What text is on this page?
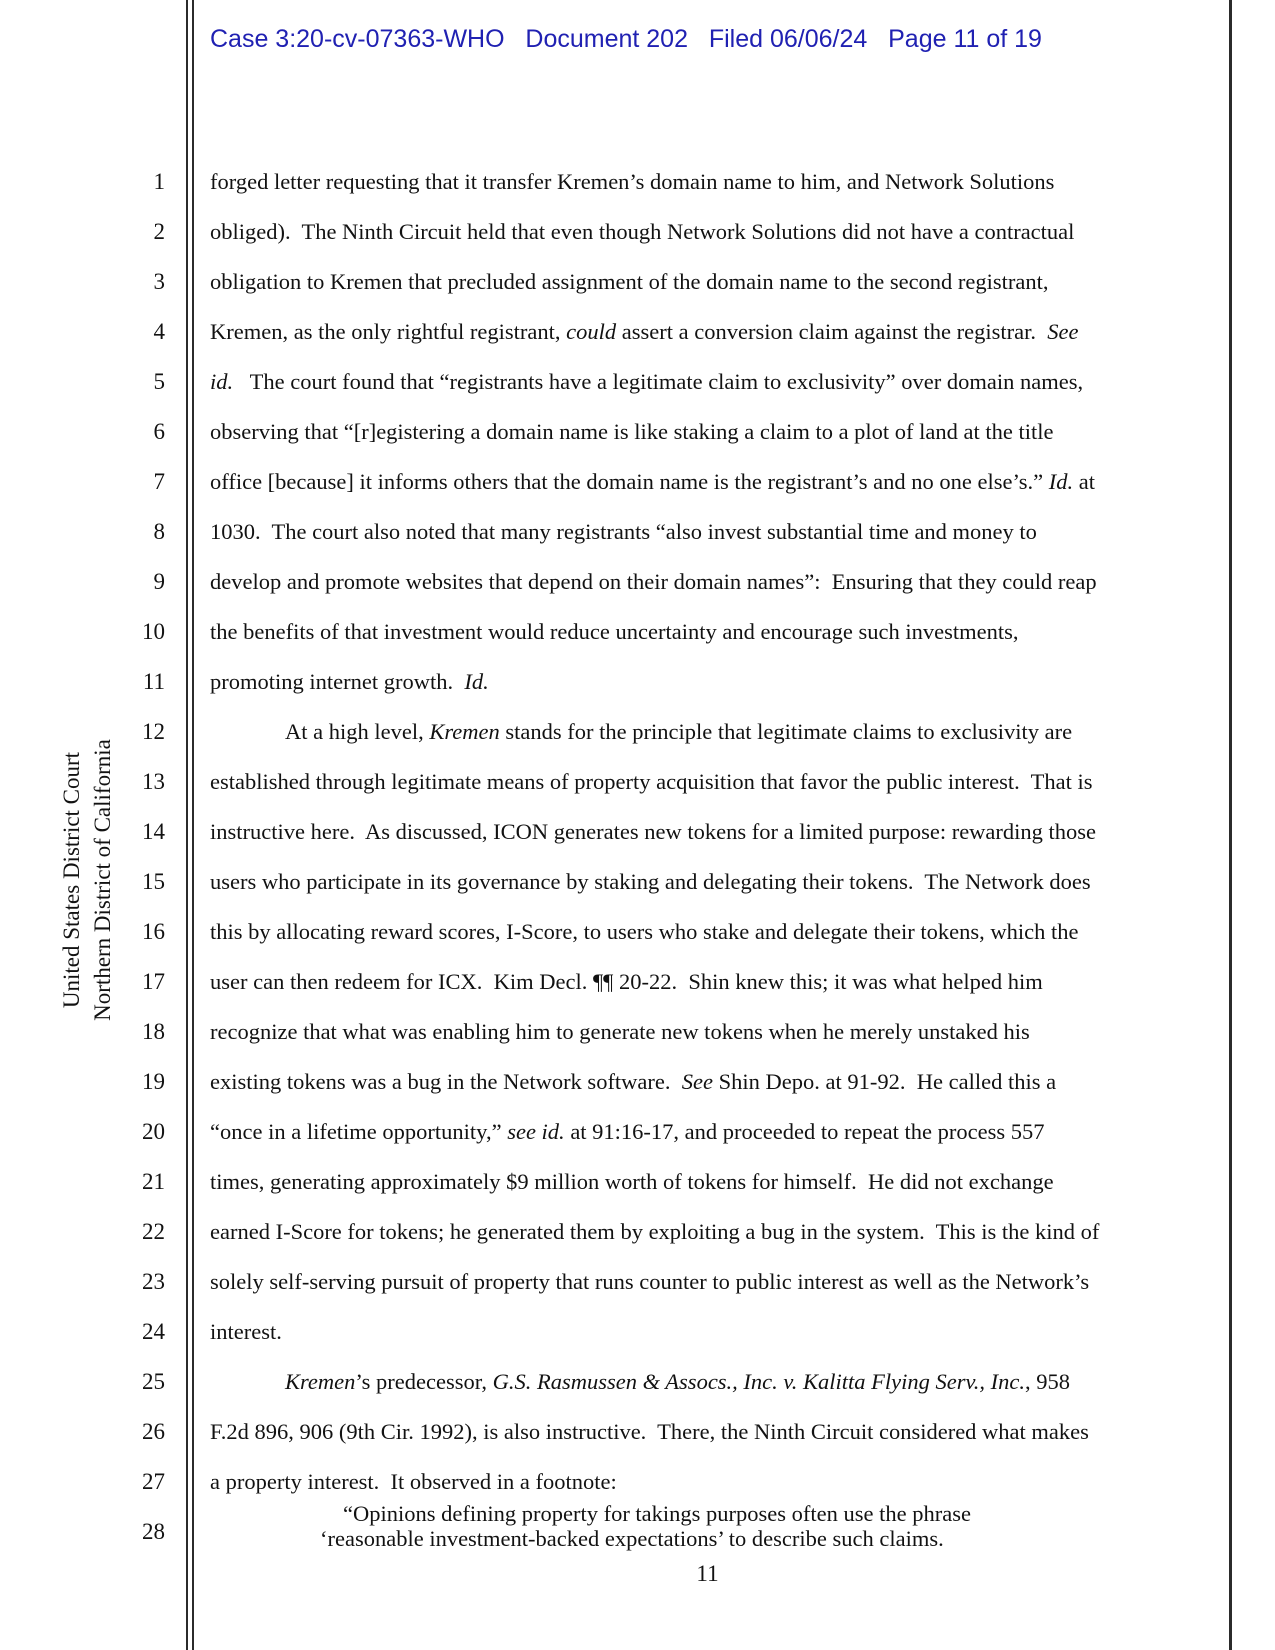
Case 3:20-cv-07363-WHO   Document 202   Filed 06/06/24   Page 11 of 19
United States District Court Northern District of California
1
2
3
4
5
6
7
8
9
10
11
12
13
14
15
16
17
18
19
20
21
22
23
24
25
26
27
28
forged letter requesting that it transfer Kremen’s domain name to him, and Network Solutions
obliged).  The Ninth Circuit held that even though Network Solutions did not have a contractual
obligation to Kremen that precluded assignment of the domain name to the second registrant,
Kremen, as the only rightful registrant, could assert a conversion claim against the registrar.  See
id.   The court found that “registrants have a legitimate claim to exclusivity” over domain names,
observing that “[r]egistering a domain name is like staking a claim to a plot of land at the title
office [because] it informs others that the domain name is the registrant’s and no one else’s.” Id. at
1030.  The court also noted that many registrants “also invest substantial time and money to
develop and promote websites that depend on their domain names”:  Ensuring that they could reap
the benefits of that investment would reduce uncertainty and encourage such investments,
promoting internet growth.  Id.
At a high level, Kremen stands for the principle that legitimate claims to exclusivity are
established through legitimate means of property acquisition that favor the public interest.  That is
instructive here.  As discussed, ICON generates new tokens for a limited purpose: rewarding those
users who participate in its governance by staking and delegating their tokens.  The Network does
this by allocating reward scores, I-Score, to users who stake and delegate their tokens, which the
user can then redeem for ICX.  Kim Decl. ¶¶ 20-22.  Shin knew this; it was what helped him
recognize that what was enabling him to generate new tokens when he merely unstaked his
existing tokens was a bug in the Network software.  See Shin Depo. at 91-92.  He called this a
“once in a lifetime opportunity,” see id. at 91:16-17, and proceeded to repeat the process 557
times, generating approximately $9 million worth of tokens for himself.  He did not exchange
earned I-Score for tokens; he generated them by exploiting a bug in the system.  This is the kind of
solely self-serving pursuit of property that runs counter to public interest as well as the Network’s
interest.
Kremen’s predecessor, G.S. Rasmussen & Assocs., Inc. v. Kalitta Flying Serv., Inc., 958
F.2d 896, 906 (9th Cir. 1992), is also instructive.  There, the Ninth Circuit considered what makes
a property interest.  It observed in a footnote:
“Opinions defining property for takings purposes often use the phrase
‘reasonable investment-backed expectations’ to describe such claims.
11
